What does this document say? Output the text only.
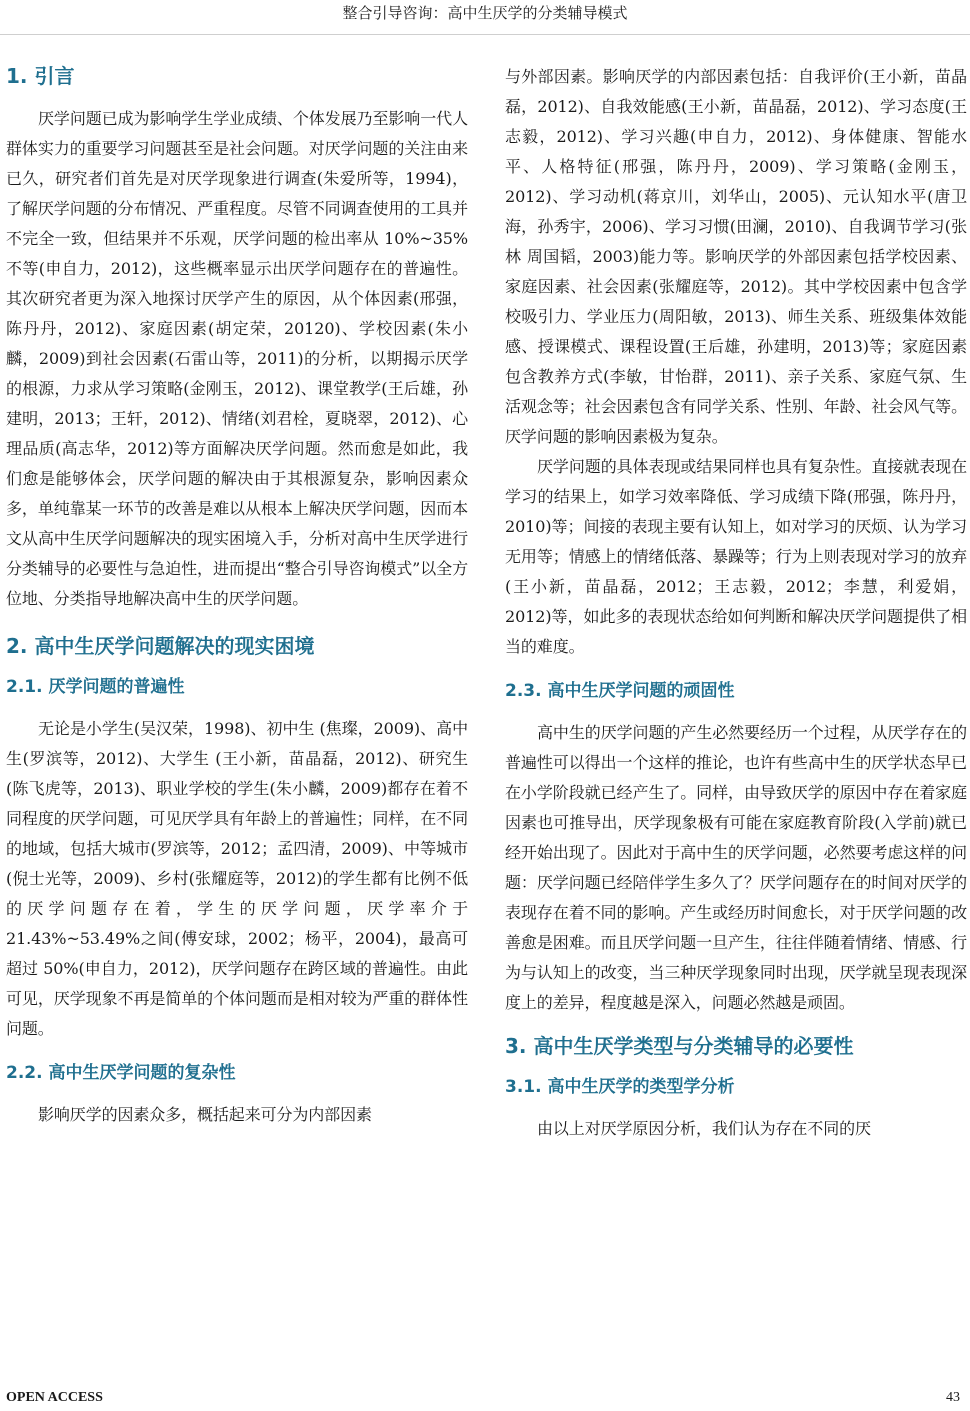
整合引导咨询：高中生厌学的分类辅导模式
1. 引言

厌学问题已成为影响学生学业成绩、个体发展乃至影响一代人群体实力的重要学习问题甚至是社会问题。对厌学问题的关注由来已久，研究者们首先是对厌学现象进行调查(朱爱所等，1994)，了解厌学问题的分布情况、严重程度。尽管不同调查使用的工具并不完全一致，但结果并不乐观，厌学问题的检出率从 10%~35%不等(申自力，2012)，这些概率显示出厌学问题存在的普遍性。其次研究者更为深入地探讨厌学产生的原因，从个体因素(邢强，陈丹丹，2012)、家庭因素(胡定荣，20120)、学校因素(朱小麟，2009)到社会因素(石雷山等，2011)的分析，以期揭示厌学的根源，力求从学习策略(金刚玉，2012)、课堂教学(王后雄，孙建明，2013；王轩，2012)、情绪(刘君栓，夏晓翠，2012)、心理品质(高志华，2012)等方面解决厌学问题。然而愈是如此，我们愈是能够体会，厌学问题的解决由于其根源复杂，影响因素众多，单纯靠某一环节的改善是难以从根本上解决厌学问题，因而本文从高中生厌学问题解决的现实困境入手，分析对高中生厌学进行分类辅导的必要性与急迫性，进而提出“整合引导咨询模式”以全方位地、分类指导地解决高中生的厌学问题。

2. 高中生厌学问题解决的现实困境
2.1. 厌学问题的普遍性

无论是小学生(吴汉荣，1998)、初中生 (焦璨，2009)、高中生(罗滨等，2012)、大学生 (王小新，苗晶磊，2012)、研究生(陈飞虎等，2013)、职业学校的学生(朱小麟，2009)都存在着不同程度的厌学问题，可见厌学具有年龄上的普遍性；同样，在不同的地域，包括大城市(罗滨等，2012；孟四清，2009)、中等城市(倪士光等，2009)、乡村(张耀庭等，2012)的学生都有比例不低的厌学问题存在着，学生的厌学问题，厌学率介于 21.43%~53.49%之间(傅安球，2002；杨平，2004)，最高可超过 50%(申自力，2012)，厌学问题存在跨区域的普遍性。由此可见，厌学现象不再是简单的个体问题而是相对较为严重的群体性问题。

2.2. 高中生厌学问题的复杂性

影响厌学的因素众多，概括起来可分为内部因素

与外部因素。影响厌学的内部因素包括：自我评价(王小新，苗晶磊，2012)、自我效能感(王小新，苗晶磊，2012)、学习态度(王志毅，2012)、学习兴趣(申自力，2012)、身体健康、智能水平、人格特征(邢强，陈丹丹，2009)、学习策略(金刚玉，2012)、学习动机(蒋京川，刘华山，2005)、元认知水平(唐卫海，孙秀宇，2006)、学习习惯(田澜，2010)、自我调节学习(张林 周国韬，2003)能力等。影响厌学的外部因素包括学校因素、家庭因素、社会因素(张耀庭等，2012)。其中学校因素中包含学校吸引力、学业压力(周阳敏，2013)、师生关系、班级集体效能感、授课模式、课程设置(王后雄，孙建明，2013)等；家庭因素包含教养方式(李敏，甘怡群，2011)、亲子关系、家庭气氛、生活观念等；社会因素包含有同学关系、性别、年龄、社会风气等。厌学问题的影响因素极为复杂。

厌学问题的具体表现或结果同样也具有复杂性。直接就表现在学习的结果上，如学习效率降低、学习成绩下降(邢强，陈丹丹，2010)等；间接的表现主要有认知上，如对学习的厌烦、认为学习无用等；情感上的情绪低落、暴躁等；行为上则表现对学习的放弃(王小新，苗晶磊，2012；王志毅，2012；李慧，利爱娟，2012)等，如此多的表现状态给如何判断和解决厌学问题提供了相当的难度。

2.3. 高中生厌学问题的顽固性

高中生的厌学问题的产生必然要经历一个过程，从厌学存在的普遍性可以得出一个这样的推论，也许有些高中生的厌学状态早已在小学阶段就已经产生了。同样，由导致厌学的原因中存在着家庭因素也可推导出，厌学现象极有可能在家庭教育阶段(入学前)就已经开始出现了。因此对于高中生的厌学问题，必然要考虑这样的问题：厌学问题已经陪伴学生多久了？厌学问题存在的时间对厌学的表现存在着不同的影响。产生或经历时间愈长，对于厌学问题的改善愈是困难。而且厌学问题一旦产生，往往伴随着情绪、情感、行为与认知上的改变，当三种厌学现象同时出现，厌学就呈现表现深度上的差异，程度越是深入，问题必然越是顽固。

3. 高中生厌学类型与分类辅导的必要性
3.1. 高中生厌学的类型学分析

由以上对厌学原因分析，我们认为存在不同的厌

OPEN ACCESS	43
